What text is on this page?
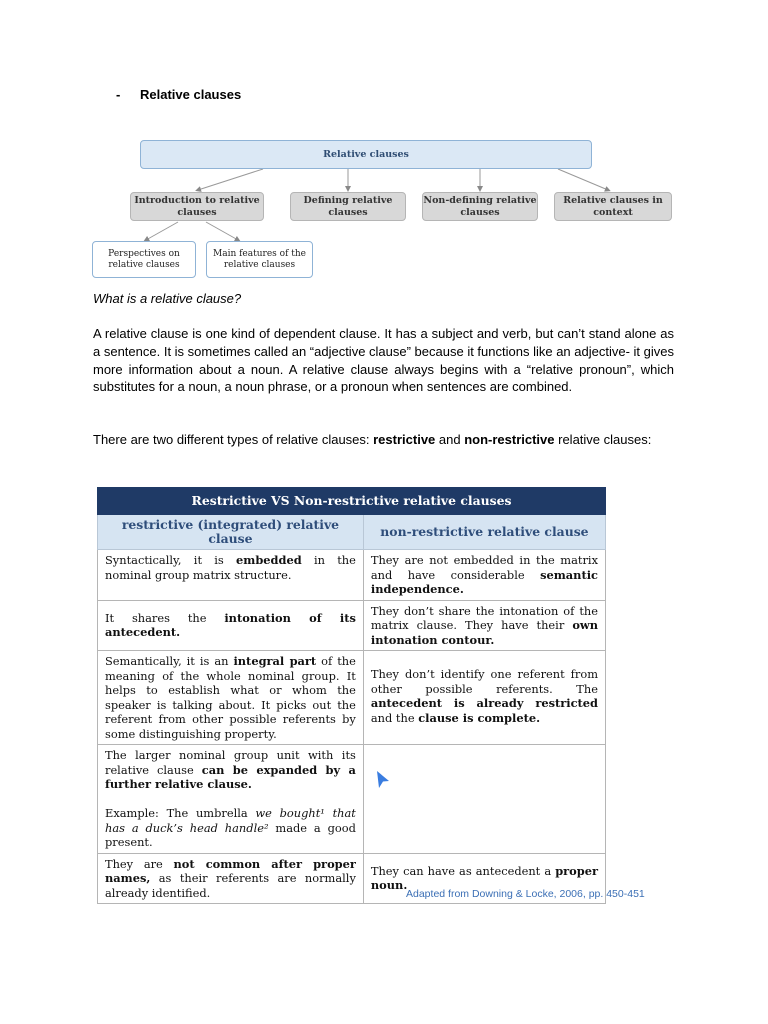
- Relative clauses
Relative clauses
Introduction to relative clauses
Defining relative clauses
Non-defining relative clauses
Relative clauses in context
Perspectives on relative clauses
Main features of the relative clauses
What is a relative clause?
A relative clause is one kind of dependent clause. It has a subject and verb, but can’t stand alone as a sentence. It is sometimes called an “adjective clause” because it functions like an adjective- it gives more information about a noun. A relative clause always begins with a “relative pronoun”, which substitutes for a noun, a noun phrase, or a pronoun when sentences are combined.
There are two different types of relative clauses: restrictive and non-restrictive relative clauses:
Restrictive VS Non-restrictive relative clauses	
restrictive (integrated) relative clause	non-restrictive relative clause
Syntactically, it is embedded in the nominal group matrix structure.	They are not embedded in the matrix and have considerable semantic independence.
It shares the intonation of its antecedent.	They don’t share the intonation of the matrix clause. They have their own intonation contour.
Semantically, it is an integral part of the meaning of the whole nominal group. It helps to establish what or whom the speaker is talking about. It picks out the referent from other possible referents by some distinguishing property.	They don’t identify one referent from other possible referents. The antecedent is already restricted and the clause is complete.
The larger nominal group unit with its relative clause can be expanded by a further relative clause.

Example: The umbrella we bought¹ that has a duck’s head handle² made a good present.	

They are not common after proper names, as their referents are normally already identified.	They can have as antecedent a proper noun.
Adapted from Downing & Locke, 2006, pp. 450-451
